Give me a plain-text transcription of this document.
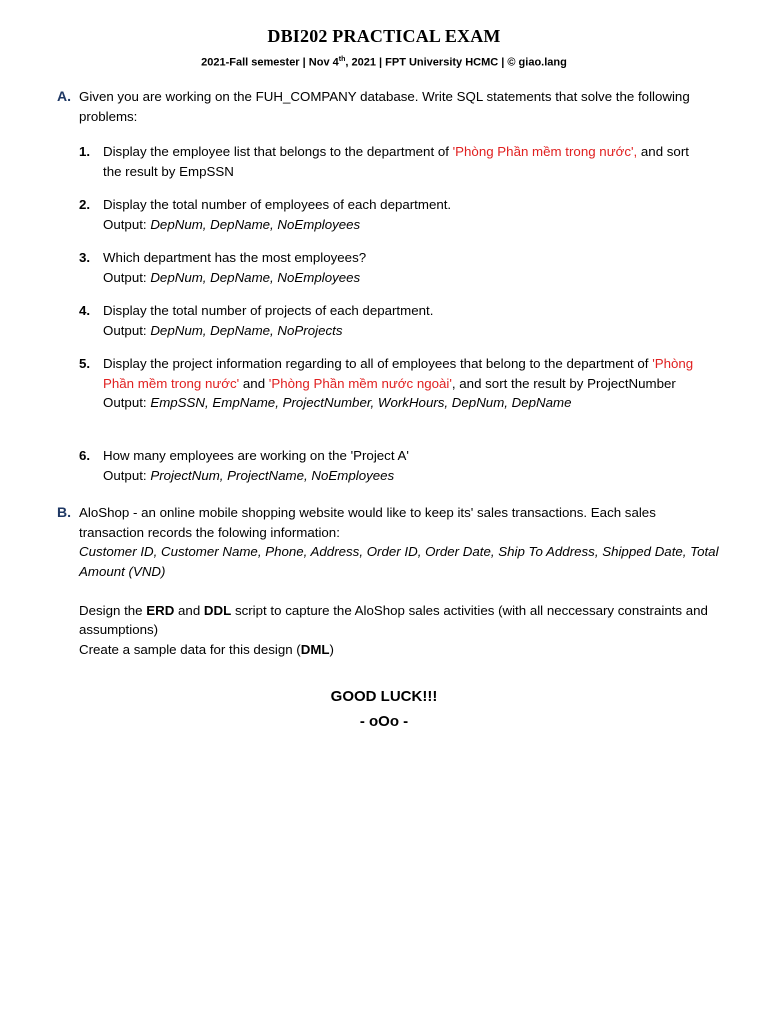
DBI202 PRACTICAL EXAM
2021-Fall semester | Nov 4th, 2021 | FPT University HCMC | © giao.lang
A. Given you are working on the FUH_COMPANY database. Write SQL statements that solve the following problems:
1. Display the employee list that belongs to the department of 'Phòng Phần mềm trong nước', and sort the result by EmpSSN
2. Display the total number of employees of each department.
Output: DepNum, DepName, NoEmployees
3. Which department has the most employees?
Output: DepNum, DepName, NoEmployees
4. Display the total number of projects of each department.
Output: DepNum, DepName, NoProjects
5. Display the project information regarding to all of employees that belong to the department of 'Phòng Phần mềm trong nước' and 'Phòng Phần mềm nước ngoài', and sort the result by ProjectNumber
Output: EmpSSN, EmpName, ProjectNumber, WorkHours, DepNum, DepName
6. How many employees are working on the 'Project A'
Output: ProjectNum, ProjectName, NoEmployees
B. AloShop - an online mobile shopping website would like to keep its' sales transactions. Each sales transaction records the folowing information:
Customer ID, Customer Name, Phone, Address, Order ID, Order Date, Ship To Address, Shipped Date, Total Amount (VND)
Design the ERD and DDL script to capture the AloShop sales activities (with all neccessary constraints and assumptions)
Create a sample data for this design (DML)
GOOD LUCK!!!
- oOo -
